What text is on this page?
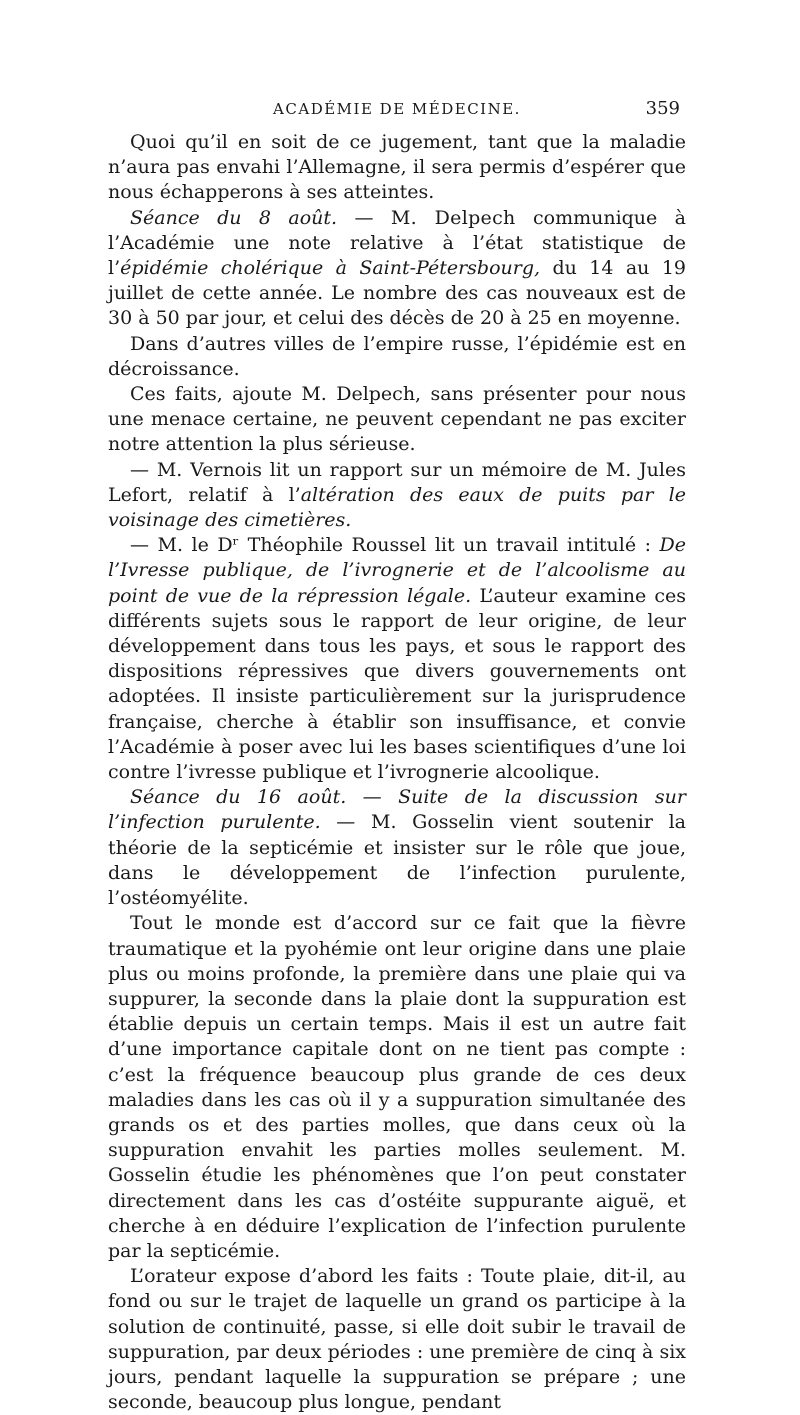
ACADÉMIE DE MÉDECINE.	359

Quoi qu’il en soit de ce jugement, tant que la maladie n’aura pas envahi l’Allemagne, il sera permis d’espérer que nous échapperons à ses atteintes.

Séance du 8 août. — M. Delpech communique à l’Académie une note relative à l’état statistique de l’épidémie cholérique à Saint-Pétersbourg, du 14 au 19 juillet de cette année. Le nombre des cas nouveaux est de 30 à 50 par jour, et celui des décès de 20 à 25 en moyenne.

Dans d’autres villes de l’empire russe, l’épidémie est en décroissance.

Ces faits, ajoute M. Delpech, sans présenter pour nous une menace certaine, ne peuvent cependant ne pas exciter notre attention la plus sérieuse.

— M. Vernois lit un rapport sur un mémoire de M. Jules Lefort, relatif à l’altération des eaux de puits par le voisinage des cimetières.

— M. le Dʳ Théophile Roussel lit un travail intitulé : De l’Ivresse publique, de l’ivrognerie et de l’alcoolisme au point de vue de la répression légale. L’auteur examine ces différents sujets sous le rapport de leur origine, de leur développement dans tous les pays, et sous le rapport des dispositions répressives que divers gouvernements ont adoptées. Il insiste particulièrement sur la jurisprudence française, cherche à établir son insuffisance, et convie l’Académie à poser avec lui les bases scientifiques d’une loi contre l’ivresse publique et l’ivrognerie alcoolique.

Séance du 16 août. — Suite de la discussion sur l’infection purulente. — M. Gosselin vient soutenir la théorie de la septicémie et insister sur le rôle que joue, dans le développement de l’infection purulente, l’ostéomyélite.

Tout le monde est d’accord sur ce fait que la fièvre traumatique et la pyohémie ont leur origine dans une plaie plus ou moins profonde, la première dans une plaie qui va suppurer, la seconde dans la plaie dont la suppuration est établie depuis un certain temps. Mais il est un autre fait d’une importance capitale dont on ne tient pas compte : c’est la fréquence beaucoup plus grande de ces deux maladies dans les cas où il y a suppuration simultanée des grands os et des parties molles, que dans ceux où la suppuration envahit les parties molles seulement. M. Gosselin étudie les phénomènes que l’on peut constater directement dans les cas d’ostéite suppurante aiguë, et cherche à en déduire l’explication de l’infection purulente par la septicémie.

L’orateur expose d’abord les faits : Toute plaie, dit-il, au fond ou sur le trajet de laquelle un grand os participe à la solution de continuité, passe, si elle doit subir le travail de suppuration, par deux périodes : une première de cinq à six jours, pendant laquelle la suppuration se prépare ; une seconde, beaucoup plus longue, pendant
